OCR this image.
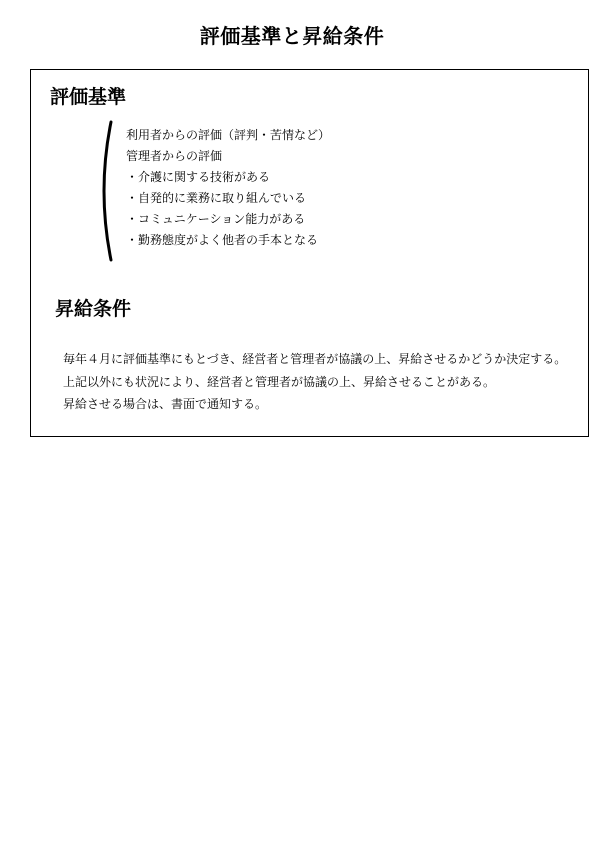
評価基準と昇給条件
評価基準
利用者からの評価（評判・苦情など）
管理者からの評価
・介護に関する技術がある
・自発的に業務に取り組んでいる
・コミュニケーション能力がある
・勤務態度がよく他者の手本となる
昇給条件

毎年４月に評価基準にもとづき、経営者と管理者が協議の上、昇給させるかどうか決定する。

上記以外にも状況により、経営者と管理者が協議の上、昇給させることがある。

昇給させる場合は、書面で通知する。
